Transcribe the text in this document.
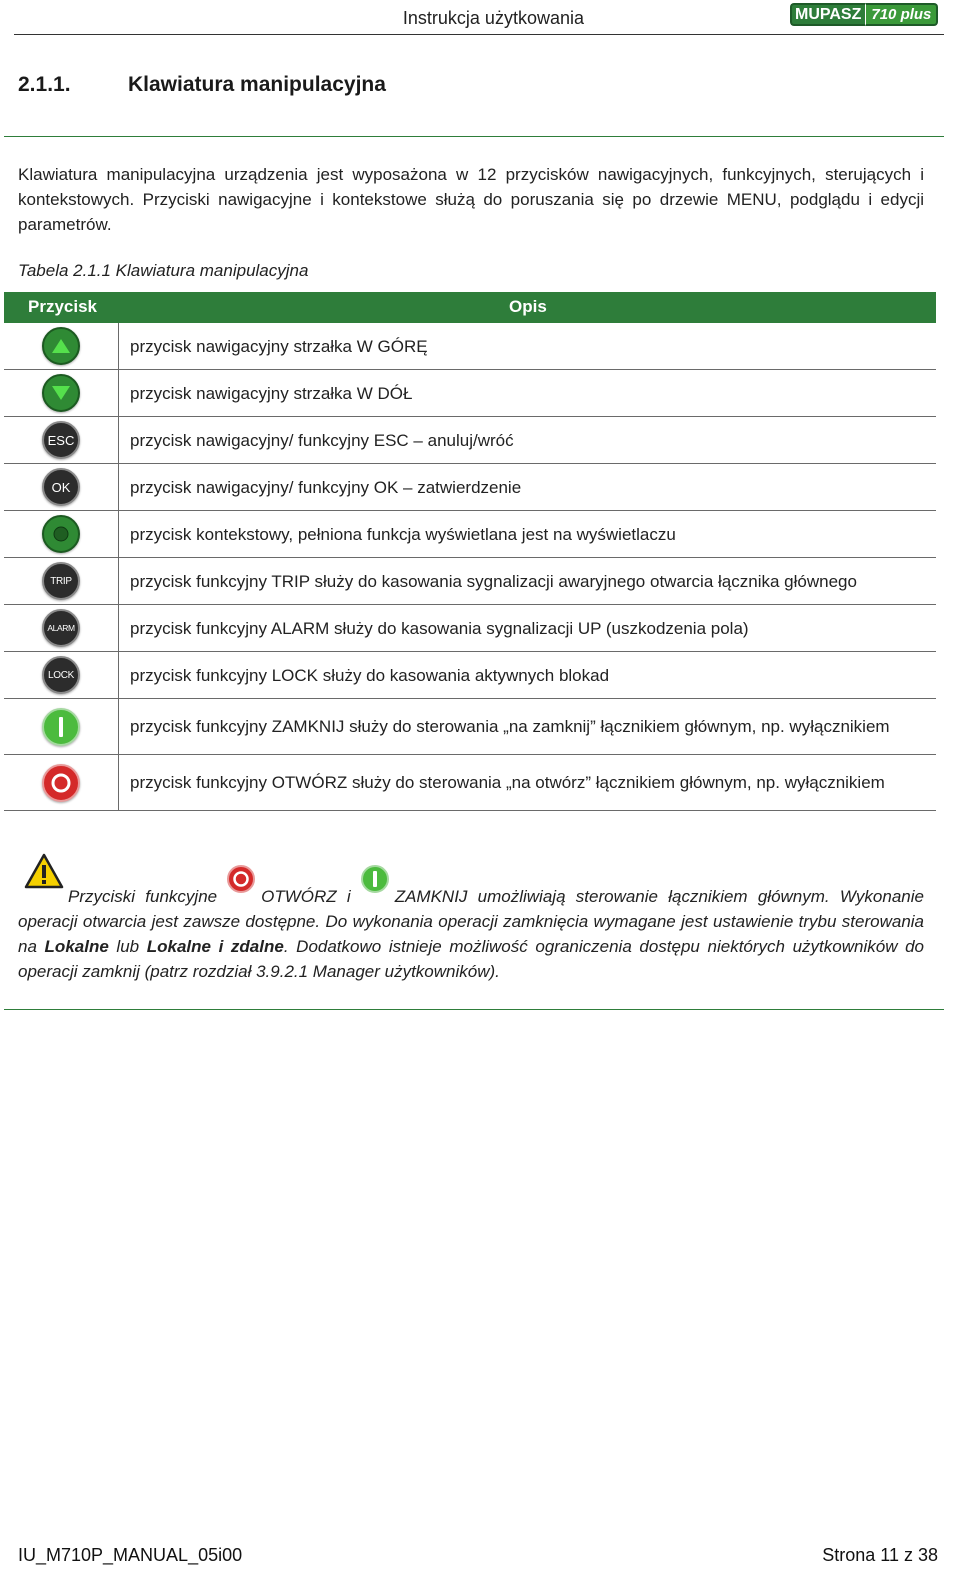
Instrukcja użytkowania	MUPASZ 710 plus
2.1.1.	Klawiatura manipulacyjna
Klawiatura manipulacyjna urządzenia jest wyposażona w 12 przycisków nawigacyjnych, funkcyjnych, sterujących i kontekstowych. Przyciski nawigacyjne i kontekstowe służą do poruszania się po drzewie MENU, podglądu i edycji parametrów.
Tabela 2.1.1 Klawiatura manipulacyjna
Przycisk	Opis
przycisk nawigacyjny strzałka W GÓRĘ
przycisk nawigacyjny strzałka W DÓŁ
ESC	przycisk nawigacyjny/ funkcyjny ESC – anuluj/wróć
OK	przycisk nawigacyjny/ funkcyjny OK – zatwierdzenie
przycisk kontekstowy, pełniona funkcja wyświetlana jest na wyświetlaczu
TRIP	przycisk funkcyjny TRIP służy do kasowania sygnalizacji awaryjnego otwarcia łącznika głównego
ALARM	przycisk funkcyjny ALARM służy do kasowania sygnalizacji UP (uszkodzenia pola)
LOCK	przycisk funkcyjny LOCK służy do kasowania aktywnych blokad
przycisk funkcyjny ZAMKNIJ służy do sterowania „na zamknij” łącznikiem głównym, np. wyłącznikiem
przycisk funkcyjny OTWÓRZ służy do sterowania „na otwórz” łącznikiem głównym, np. wyłącznikiem
Przyciski funkcyjne	OTWÓRZ i	ZAMKNIJ umożliwiają sterowanie łącznikiem głównym. Wykonanie operacji otwarcia jest zawsze dostępne. Do wykonania operacji zamknięcia wymagane jest ustawienie trybu sterowania na Lokalne lub Lokalne i zdalne. Dodatkowo istnieje możliwość ograniczenia dostępu niektórych użytkowników do operacji zamknij (patrz rozdział 3.9.2.1 Manager użytkowników).
IU_M710P_MANUAL_05i00	Strona 11 z 38
